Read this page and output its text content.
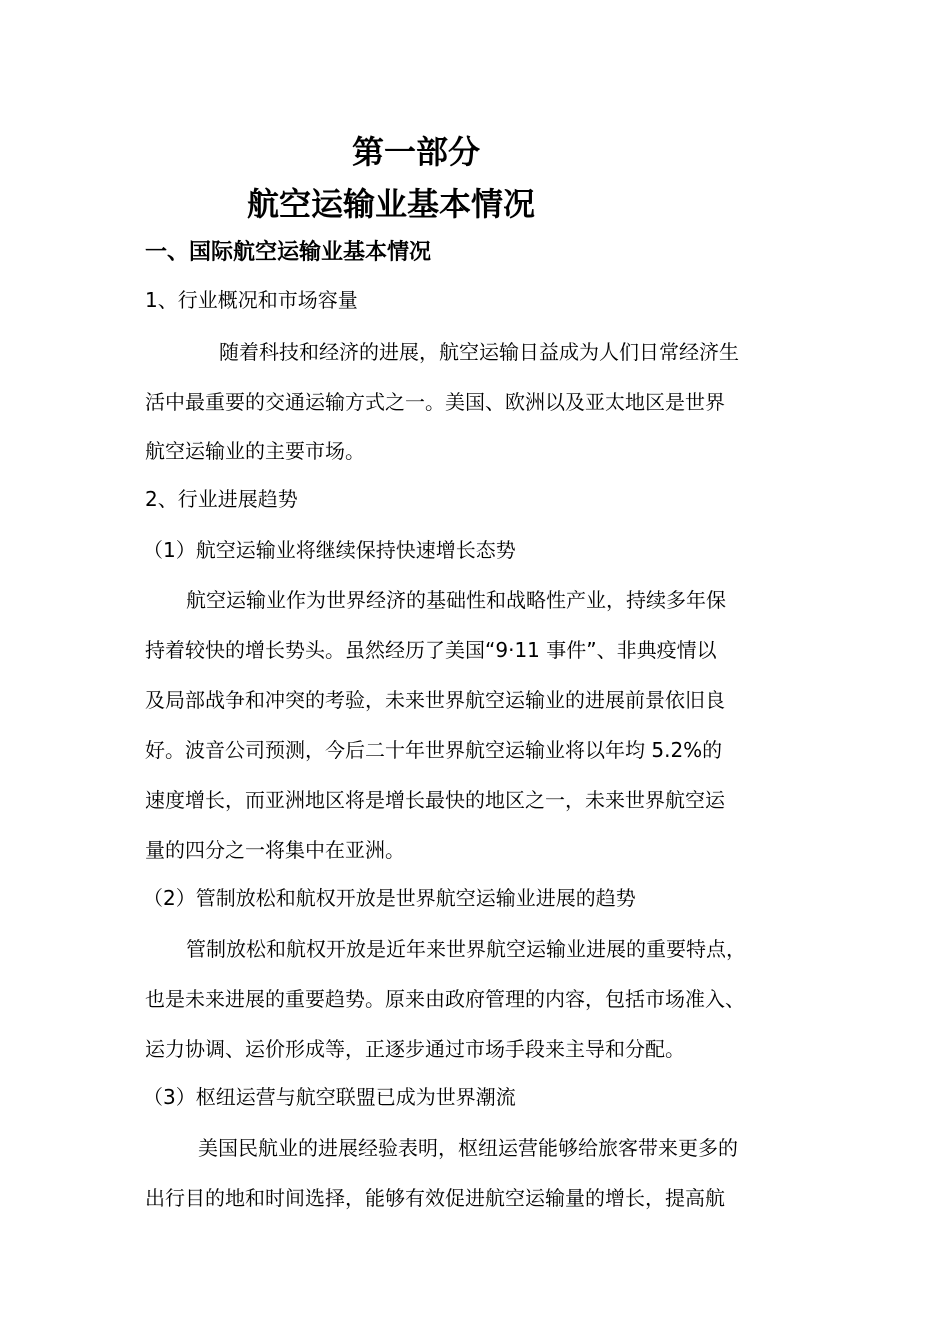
第一部分
航空运输业基本情况
一、国际航空运输业基本情况
1、行业概况和市场容量
随着科技和经济的进展，航空运输日益成为人们日常经济生
活中最重要的交通运输方式之一。美国、欧洲以及亚太地区是世界
航空运输业的主要市场。
2、行业进展趋势
（1）航空运输业将继续保持快速增长态势
航空运输业作为世界经济的基础性和战略性产业，持续多年保
持着较快的增长势头。虽然经历了美国“9·11 事件”、非典疫情以
及局部战争和冲突的考验，未来世界航空运输业的进展前景依旧良
好。波音公司预测，今后二十年世界航空运输业将以年均 5.2%的
速度增长，而亚洲地区将是增长最快的地区之一，未来世界航空运
量的四分之一将集中在亚洲。
（2）管制放松和航权开放是世界航空运输业进展的趋势
管制放松和航权开放是近年来世界航空运输业进展的重要特点，
也是未来进展的重要趋势。原来由政府管理的内容，包括市场准入、
运力协调、运价形成等，正逐步通过市场手段来主导和分配。
（3）枢纽运营与航空联盟已成为世界潮流
美国民航业的进展经验表明，枢纽运营能够给旅客带来更多的
出行目的地和时间选择，能够有效促进航空运输量的增长，提高航
